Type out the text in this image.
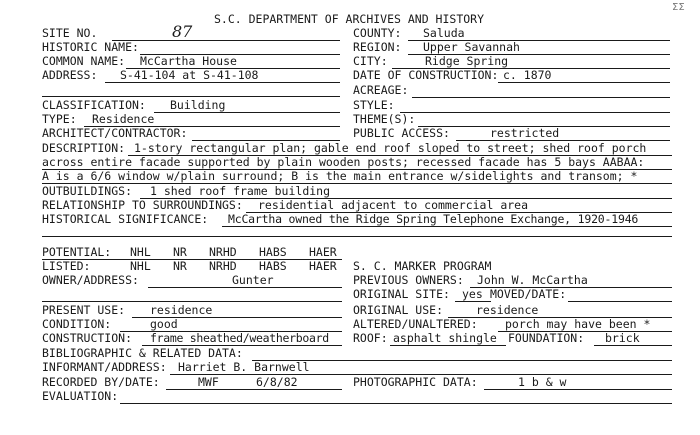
ΣΣ
S.C. DEPARTMENT OF ARCHIVES AND HISTORY
SITE NO.	87	COUNTY: Saluda
HISTORIC NAME:	REGION: Upper Savannah
COMMON NAME: McCartha House	CITY:	Ridge Spring
ADDRESS: S-41-104 at S-41-108	DATE OF CONSTRUCTION: c. 1870
ACREAGE:
CLASSIFICATION: Building	STYLE:
TYPE: Residence	THEME(S):
ARCHITECT/CONTRACTOR:	PUBLIC ACCESS:	restricted
DESCRIPTION: 1-story rectangular plan; gable end roof sloped to street; shed roof porch
across entire facade supported by plain wooden posts; recessed facade has 5 bays AABAA:
A is a 6/6 window w/plain surround; B is the main entrance w/sidelights and transom; *
OUTBUILDINGS: 1 shed roof frame building
RELATIONSHIP TO SURROUNDINGS: residential adjacent to commercial area
HISTORICAL SIGNIFICANCE: McCartha owned the Ridge Spring Telephone Exchange, 1920-1946
POTENTIAL: NHL NR NRHD HABS HAER
LISTED:	NHL NR NRHD HABS HAER S. C. MARKER PROGRAM
OWNER/ADDRESS:	Gunter	PREVIOUS OWNERS: John W. McCartha
ORIGINAL SITE: yes MOVED/DATE:
PRESENT USE: residence	ORIGINAL USE:	residence
CONDITION:	good	ALTERED/UNALTERED: porch may have been *
CONSTRUCTION: frame sheathed/weatherboard ROOF: asphalt shingle FOUNDATION: brick
BIBLIOGRAPHIC & RELATED DATA:
INFORMANT/ADDRESS: Harriet B. Barnwell
RECORDED BY/DATE:	MWF	6/8/82	PHOTOGRAPHIC DATA:	1 b & w
EVALUATION:
